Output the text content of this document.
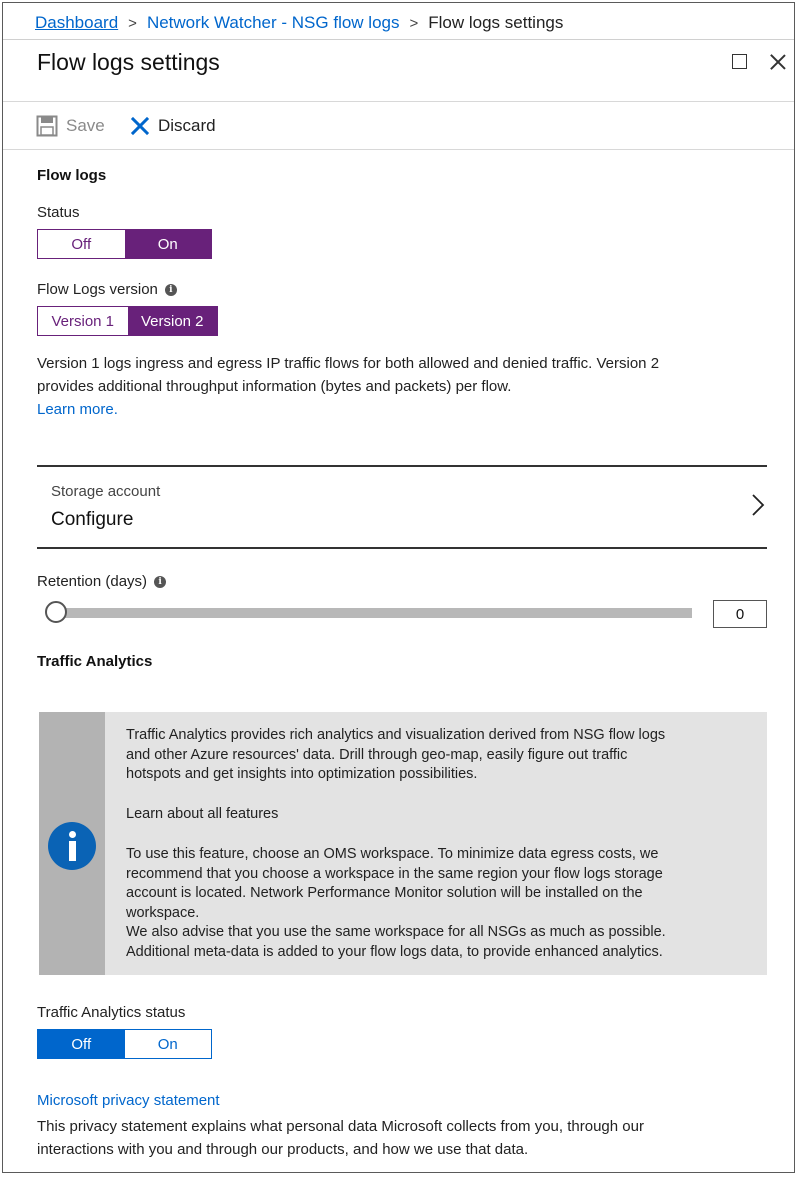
Dashboard > Network Watcher - NSG flow logs > Flow logs settings
Flow logs settings
Save	Discard
Flow logs
Status
Off	On
Flow Logs version	i
Version 1	Version 2
Version 1 logs ingress and egress IP traffic flows for both allowed and denied traffic. Version 2
provides additional throughput information (bytes and packets) per flow.
Learn more.
Storage account
Configure
Retention (days)	i
0
Traffic Analytics
Traffic Analytics provides rich analytics and visualization derived from NSG flow logs
and other Azure resources' data. Drill through geo-map, easily figure out traffic
hotspots and get insights into optimization possibilities.
Learn about all features
To use this feature, choose an OMS workspace. To minimize data egress costs, we
recommend that you choose a workspace in the same region your flow logs storage
account is located. Network Performance Monitor solution will be installed on the
workspace.
We also advise that you use the same workspace for all NSGs as much as possible.
Additional meta-data is added to your flow logs data, to provide enhanced analytics.
Traffic Analytics status
Off	On
Microsoft privacy statement
This privacy statement explains what personal data Microsoft collects from you, through our
interactions with you and through our products, and how we use that data.
